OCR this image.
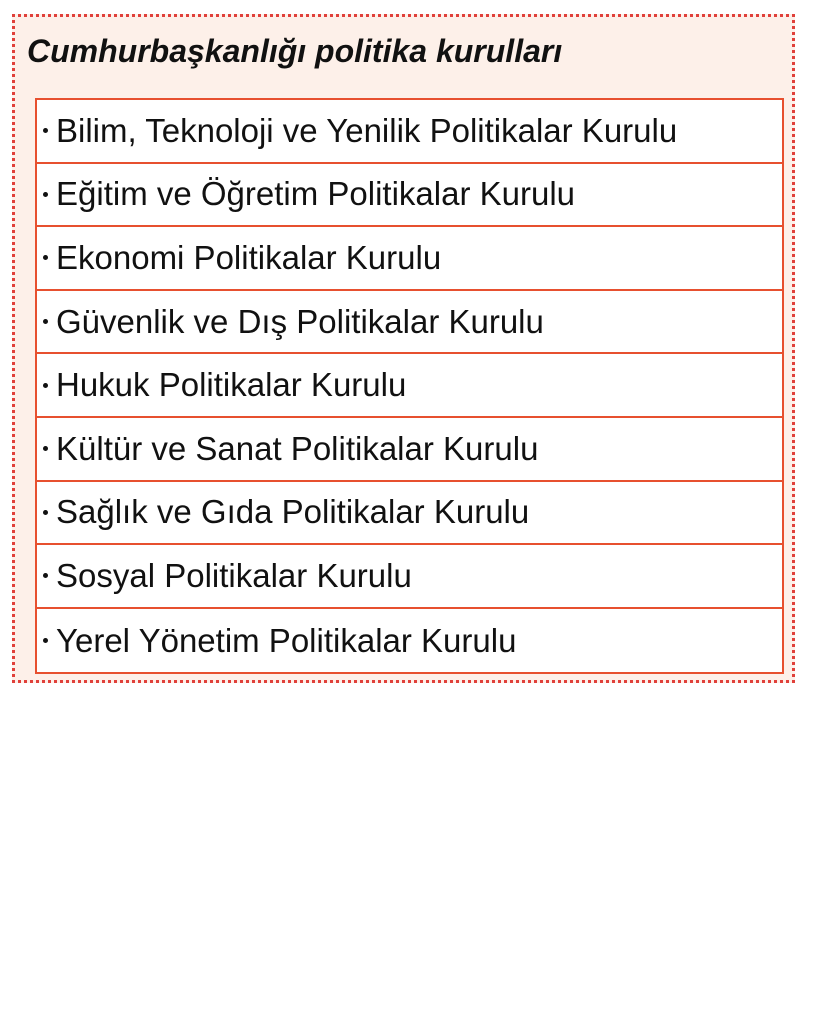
Cumhurbaşkanlığı politika kurulları
Bilim, Teknoloji ve Yenilik Politikalar Kurulu
Eğitim ve Öğretim Politikalar Kurulu
Ekonomi Politikalar Kurulu
Güvenlik ve Dış Politikalar Kurulu
Hukuk Politikalar Kurulu
Kültür ve Sanat Politikalar Kurulu
Sağlık ve Gıda Politikalar Kurulu
Sosyal Politikalar Kurulu
Yerel Yönetim Politikalar Kurulu
